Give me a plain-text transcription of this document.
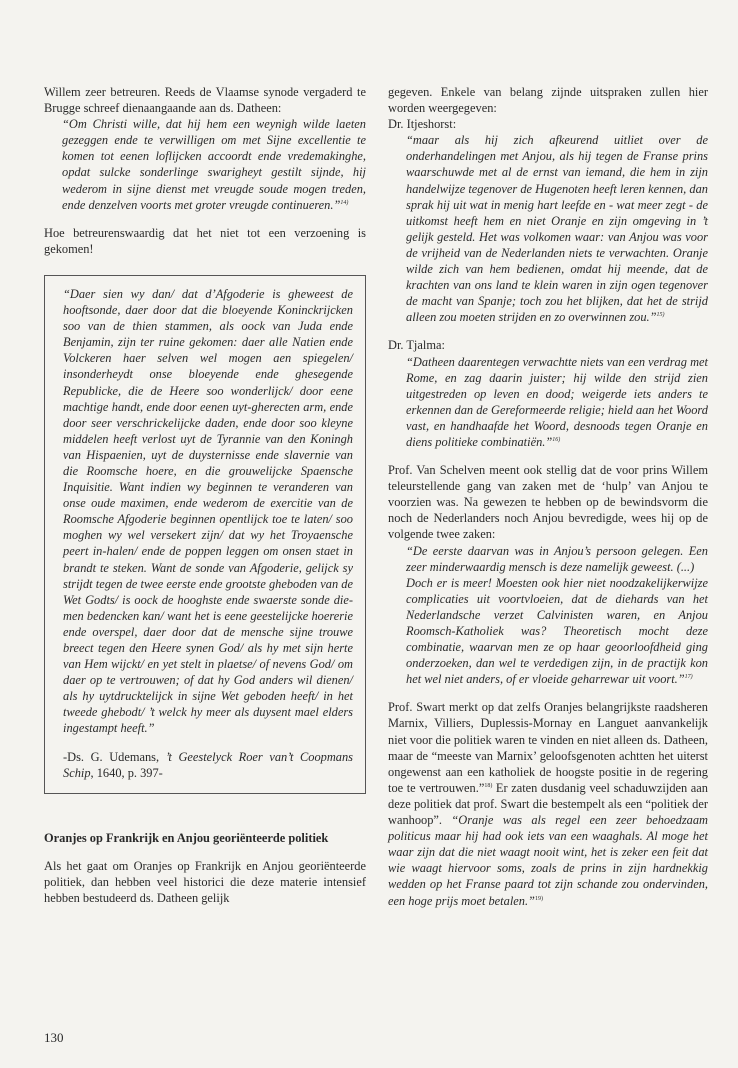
Willem zeer betreuren. Reeds de Vlaamse synode vergaderd te Brugge schreef dienaangaande aan ds. Datheen:

“Om Christi wille, dat hij hem een weynigh wilde laeten gezeggen ende te verwilligen om met Sijne excellentie te komen tot eenen loflijcken accoordt ende vredemakinghe, opdat sulcke sonderlinge swarigheyt gestilt sijnde, hij wederom in sijne dienst met vreugde soude mogen treden, ende denzelven voorts met groter vreugde continueren.”$^{14)}$

Hoe betreurenswaardig dat het niet tot een verzoening is gekomen!

“Daer sien wy dan/ dat d’Afgoderie is gheweest de hooftsonde, daer door dat die bloeyende Koninckrijcken soo van de thien stammen, als oock van Juda ende Benjamin, zijn ter ruine gekomen: daer alle Natien ende Volckeren haer selven wel mogen aen spiegelen/ insonderheydt onse bloeyende ende ghesegende Republicke, die de Heere soo wonderlijck/ door eene machtige handt, ende door eenen uyt-gherecten arm, ende door seer verschrickelijcke daden, ende door soo kleyne middelen heeft verlost uyt de Tyrannie van den Koningh van Hispaenien, uyt de duysternisse ende slavernie van die Roomsche hoere, en die grouwelijcke Spaensche Inquisitie. Want indien wy beginnen te veranderen van onse oude maximen, ende wederom de exercitie van de Roomsche Afgoderie beginnen opentlijck toe te laten/ soo moghen wy wel versekert zijn/ dat wy het Troyaensche peert in-halen/ ende de poppen leggen om onsen staet in brandt te steken. Want de sonde van Afgoderie, gelijck sy strijdt tegen de twee eerste ende grootste gheboden van de Wet Godts/ is oock de hooghste ende swaerste sonde die-men bedencken kan/ want het is eene geestelijcke hoererie ende overspel, daer door dat de mensche sijne trouwe breect tegen den Heere synen God/ als hy met sijn herte van Hem wijckt/ en yet stelt in plaetse/ of nevens God/ om daer op te vertrouwen; of dat hy God anders wil dienen/ als hy uytdrucktelijck in sijne Wet geboden heeft/ in het tweede ghebodt/ ’t welck hy meer als duysent mael elders ingestampt heeft.”

-Ds. G. Udemans, ’t Geestelyck Roer van’t Coopmans Schip, 1640, p. 397-

Oranjes op Frankrijk en Anjou georiënteerde politiek

Als het gaat om Oranjes op Frankrijk en Anjou georiënteerde politiek, dan hebben veel historici die deze materie intensief hebben bestudeerd ds. Datheen gelijk

gegeven. Enkele van belang zijnde uitspraken zullen hier worden weergegeven:

Dr. Itjeshorst:

“maar als hij zich afkeurend uitliet over de onderhandelingen met Anjou, als hij tegen de Franse prins waarschuwde met al de ernst van iemand, die hem in zijn handelwijze tegenover de Hugenoten heeft leren kennen, dan sprak hij uit wat in menig hart leefde en - wat meer zegt - de uitkomst heeft hem en niet Oranje en zijn omgeving in ’t gelijk gesteld. Het was volkomen waar: van Anjou was voor de vrijheid van de Nederlanden niets te verwachten. Oranje wilde zich van hem bedienen, omdat hij meende, dat de krachten van ons land te klein waren in zijn ogen tegenover de macht van Spanje; toch zou het blijken, dat het de strijd alleen zou moeten strijden en zo overwinnen zou.”$^{15)}$

Dr. Tjalma:

“Datheen daarentegen verwachtte niets van een verdrag met Rome, en zag daarin juister; hij wilde den strijd zien uitgestreden op leven en dood; weigerde iets anders te erkennen dan de Gereformeerde religie; hield aan het Woord vast, en handhaafde het Woord, desnoods tegen Oranje en diens politieke combinatiën.”$^{16)}$

Prof. Van Schelven meent ook stellig dat de voor prins Willem teleurstellende gang van zaken met de ‘hulp’ van Anjou te voorzien was. Na gewezen te hebben op de bewindsvorm die noch de Nederlanders noch Anjou bevredigde, wees hij op de volgende twee zaken:

“De eerste daarvan was in Anjou’s persoon gelegen. Een zeer minderwaardig mensch is deze namelijk geweest. (...)

Doch er is meer! Moesten ook hier niet noodzakelijkerwijze complicaties uit voortvloeien, dat de diehards van het Nederlandsche verzet Calvinisten waren, en Anjou Roomsch-Katholiek was? Theoretisch mocht deze combinatie, waarvan men ze op haar geoorloofdheid ging onderzoeken, dan wel te verdedigen zijn, in de practijk kon het wel niet anders, of er vloeide geharrewar uit voort.”$^{17)}$

Prof. Swart merkt op dat zelfs Oranjes belangrijkste raadsheren Marnix, Villiers, Duplessis-Mornay en Languet aanvankelijk niet voor die politiek waren te vinden en niet alleen ds. Datheen, maar de “meeste van Marnix’ geloofsgenoten achtten het uiterst ongewenst aan een katholiek de hoogste positie in de regering toe te vertrouwen.”$^{18)}$ Er zaten dusdanig veel schaduwzijden aan deze politiek dat prof. Swart die bestempelt als een “politiek der wanhoop”. “Oranje was als regel een zeer behoedzaam politicus maar hij had ook iets van een waaghals. Al moge het waar zijn dat die niet waagt nooit wint, het is zeker een feit dat wie waagt hiervoor soms, zoals de prins in zijn hardnekkig wedden op het Franse paard tot zijn schande zou ondervinden, een hoge prijs moet betalen.”$^{19)}$

130
